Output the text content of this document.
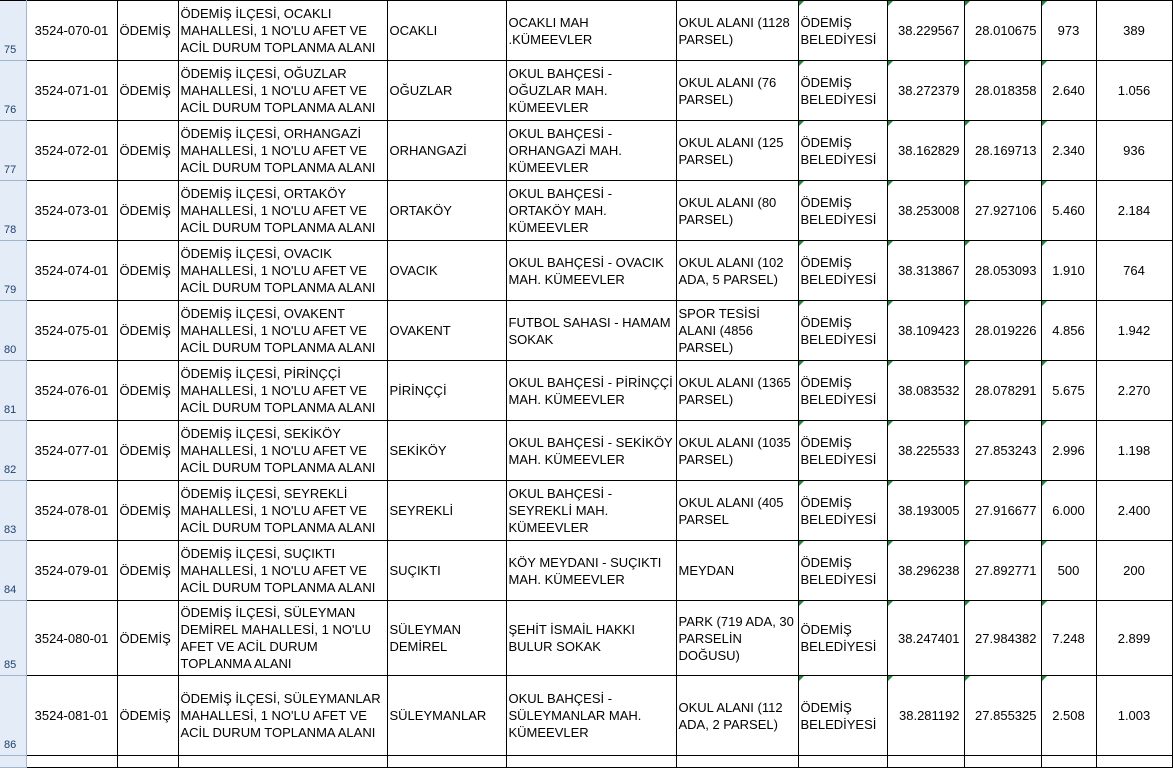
75	3524-070-01	ÖDEMİŞ	ÖDEMİŞ İLÇESİ, OCAKLI MAHALLESİ, 1 NO'LU AFET VE ACİL DURUM TOPLANMA ALANI	OCAKLI	OCAKLI MAH .KÜMEEVLER	OKUL ALANI (1128 PARSEL)	ÖDEMİŞ BELEDİYESİ	38.229567	28.010675	973	389
76	3524-071-01	ÖDEMİŞ	ÖDEMİŞ İLÇESİ, OĞUZLAR MAHALLESİ, 1 NO'LU AFET VE ACİL DURUM TOPLANMA ALANI	OĞUZLAR	OKUL BAHÇESİ - OĞUZLAR MAH. KÜMEEVLER	OKUL ALANI (76 PARSEL)	ÖDEMİŞ BELEDİYESİ	38.272379	28.018358	2.640	1.056
77	3524-072-01	ÖDEMİŞ	ÖDEMİŞ İLÇESİ, ORHANGAZİ MAHALLESİ, 1 NO'LU AFET VE ACİL DURUM TOPLANMA ALANI	ORHANGAZİ	OKUL BAHÇESİ - ORHANGAZİ MAH. KÜMEEVLER	OKUL ALANI (125 PARSEL)	ÖDEMİŞ BELEDİYESİ	38.162829	28.169713	2.340	936
78	3524-073-01	ÖDEMİŞ	ÖDEMİŞ İLÇESİ, ORTAKÖY MAHALLESİ, 1 NO'LU AFET VE ACİL DURUM TOPLANMA ALANI	ORTAKÖY	OKUL BAHÇESİ - ORTAKÖY MAH. KÜMEEVLER	OKUL ALANI (80 PARSEL)	ÖDEMİŞ BELEDİYESİ	38.253008	27.927106	5.460	2.184
79	3524-074-01	ÖDEMİŞ	ÖDEMİŞ İLÇESİ, OVACIK MAHALLESİ, 1 NO'LU AFET VE ACİL DURUM TOPLANMA ALANI	OVACIK	OKUL BAHÇESİ - OVACIK MAH. KÜMEEVLER	OKUL ALANI (102 ADA, 5 PARSEL)	ÖDEMİŞ BELEDİYESİ	38.313867	28.053093	1.910	764
80	3524-075-01	ÖDEMİŞ	ÖDEMİŞ İLÇESİ, OVAKENT MAHALLESİ, 1 NO'LU AFET VE ACİL DURUM TOPLANMA ALANI	OVAKENT	FUTBOL SAHASI - HAMAM SOKAK	SPOR TESİSİ ALANI (4856 PARSEL)	ÖDEMİŞ BELEDİYESİ	38.109423	28.019226	4.856	1.942
81	3524-076-01	ÖDEMİŞ	ÖDEMİŞ İLÇESİ, PİRİNÇÇİ MAHALLESİ, 1 NO'LU AFET VE ACİL DURUM TOPLANMA ALANI	PİRİNÇÇİ	OKUL BAHÇESİ - PİRİNÇÇİ MAH. KÜMEEVLER	OKUL ALANI (1365 PARSEL)	ÖDEMİŞ BELEDİYESİ	38.083532	28.078291	5.675	2.270
82	3524-077-01	ÖDEMİŞ	ÖDEMİŞ İLÇESİ, SEKİKÖY MAHALLESİ, 1 NO'LU AFET VE ACİL DURUM TOPLANMA ALANI	SEKİKÖY	OKUL BAHÇESİ - SEKİKÖY MAH. KÜMEEVLER	OKUL ALANI (1035 PARSEL)	ÖDEMİŞ BELEDİYESİ	38.225533	27.853243	2.996	1.198
83	3524-078-01	ÖDEMİŞ	ÖDEMİŞ İLÇESİ, SEYREKLİ MAHALLESİ, 1 NO'LU AFET VE ACİL DURUM TOPLANMA ALANI	SEYREKLİ	OKUL BAHÇESİ - SEYREKLİ MAH. KÜMEEVLER	OKUL ALANI (405 PARSEL	ÖDEMİŞ BELEDİYESİ	38.193005	27.916677	6.000	2.400
84	3524-079-01	ÖDEMİŞ	ÖDEMİŞ İLÇESİ, SUÇIKTI MAHALLESİ, 1 NO'LU AFET VE ACİL DURUM TOPLANMA ALANI	SUÇIKTI	KÖY MEYDANI - SUÇIKTI MAH. KÜMEEVLER	MEYDAN	ÖDEMİŞ BELEDİYESİ	38.296238	27.892771	500	200
85	3524-080-01	ÖDEMİŞ	ÖDEMİŞ İLÇESİ, SÜLEYMAN DEMİREL MAHALLESİ, 1 NO'LU AFET VE ACİL DURUM TOPLANMA ALANI	SÜLEYMAN DEMİREL	ŞEHİT İSMAİL HAKKI BULUR SOKAK	PARK (719 ADA, 30 PARSELİN DOĞUSU)	ÖDEMİŞ BELEDİYESİ	38.247401	27.984382	7.248	2.899
86	3524-081-01	ÖDEMİŞ	ÖDEMİŞ İLÇESİ, SÜLEYMANLAR MAHALLESİ, 1 NO'LU AFET VE ACİL DURUM TOPLANMA ALANI	SÜLEYMANLAR	OKUL BAHÇESİ - SÜLEYMANLAR MAH. KÜMEEVLER	OKUL ALANI (112 ADA, 2 PARSEL)	ÖDEMİŞ BELEDİYESİ	38.281192	27.855325	2.508	1.003
